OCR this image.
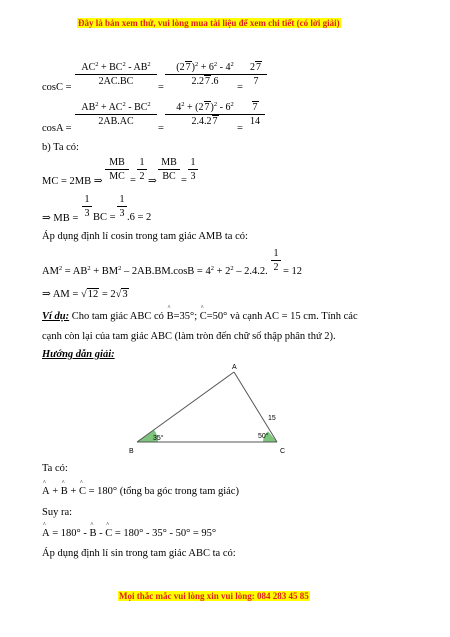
Đây là bản xem thử, vui lòng mua tài liệu để xem chi tiết (có lời giải)
cosC =
$\frac{AC^2 + BC^2 - AB^2}{2AC.BC}$
=
$\frac{(27)^2 + 6^2 - 4^2}{2.27.6}$
=
$\frac{27}{7}$
cosA =
$\frac{AB^2 + AC^2 - BC^2}{2AB.AC}$
=
$\frac{4^2 + (27)^2 - 6^2}{2.4.27}$
=
$\frac{7}{14}$
b) Ta có:
MC = 2MB ⇒ $\frac{MB}{MC} = \frac{1}{2}$ ⇒ $\frac{MB}{BC} = \frac{1}{3}$
⇒ MB = $\frac{1}{3}$ BC = $\frac{1}{3} .6 = 2$
Áp dụng định lí cosin trong tam giác AMB ta có:
$AM^2 = AB^2 + BM^2 - 2AB.BM.\cos B = 4^2 + 2^2 - 2.4.2$. $\frac{1}{2} = 12$
⇒ AM = √12 = 2√3
Ví dụ: Cho tam giác ABC có ^ B=35°; ^ C=50° và cạnh AC = 15 cm. Tính các
cạnh còn lại của tam giác ABC (làm tròn đến chữ số thập phân thứ 2).
Hướng dẫn giải:
A
B	C
35°	50°
15
Ta có:
^ A + ^ B + ^ C = 180° (tổng ba góc trong tam giác)
Suy ra:
^ A = 180° - ^ B - ^ C = 180° - 35° - 50° = 95°
Áp dụng định lí sin trong tam giác ABC ta có:
Mọi thắc mắc vui lòng xin vui lòng: 084 283 45 85
